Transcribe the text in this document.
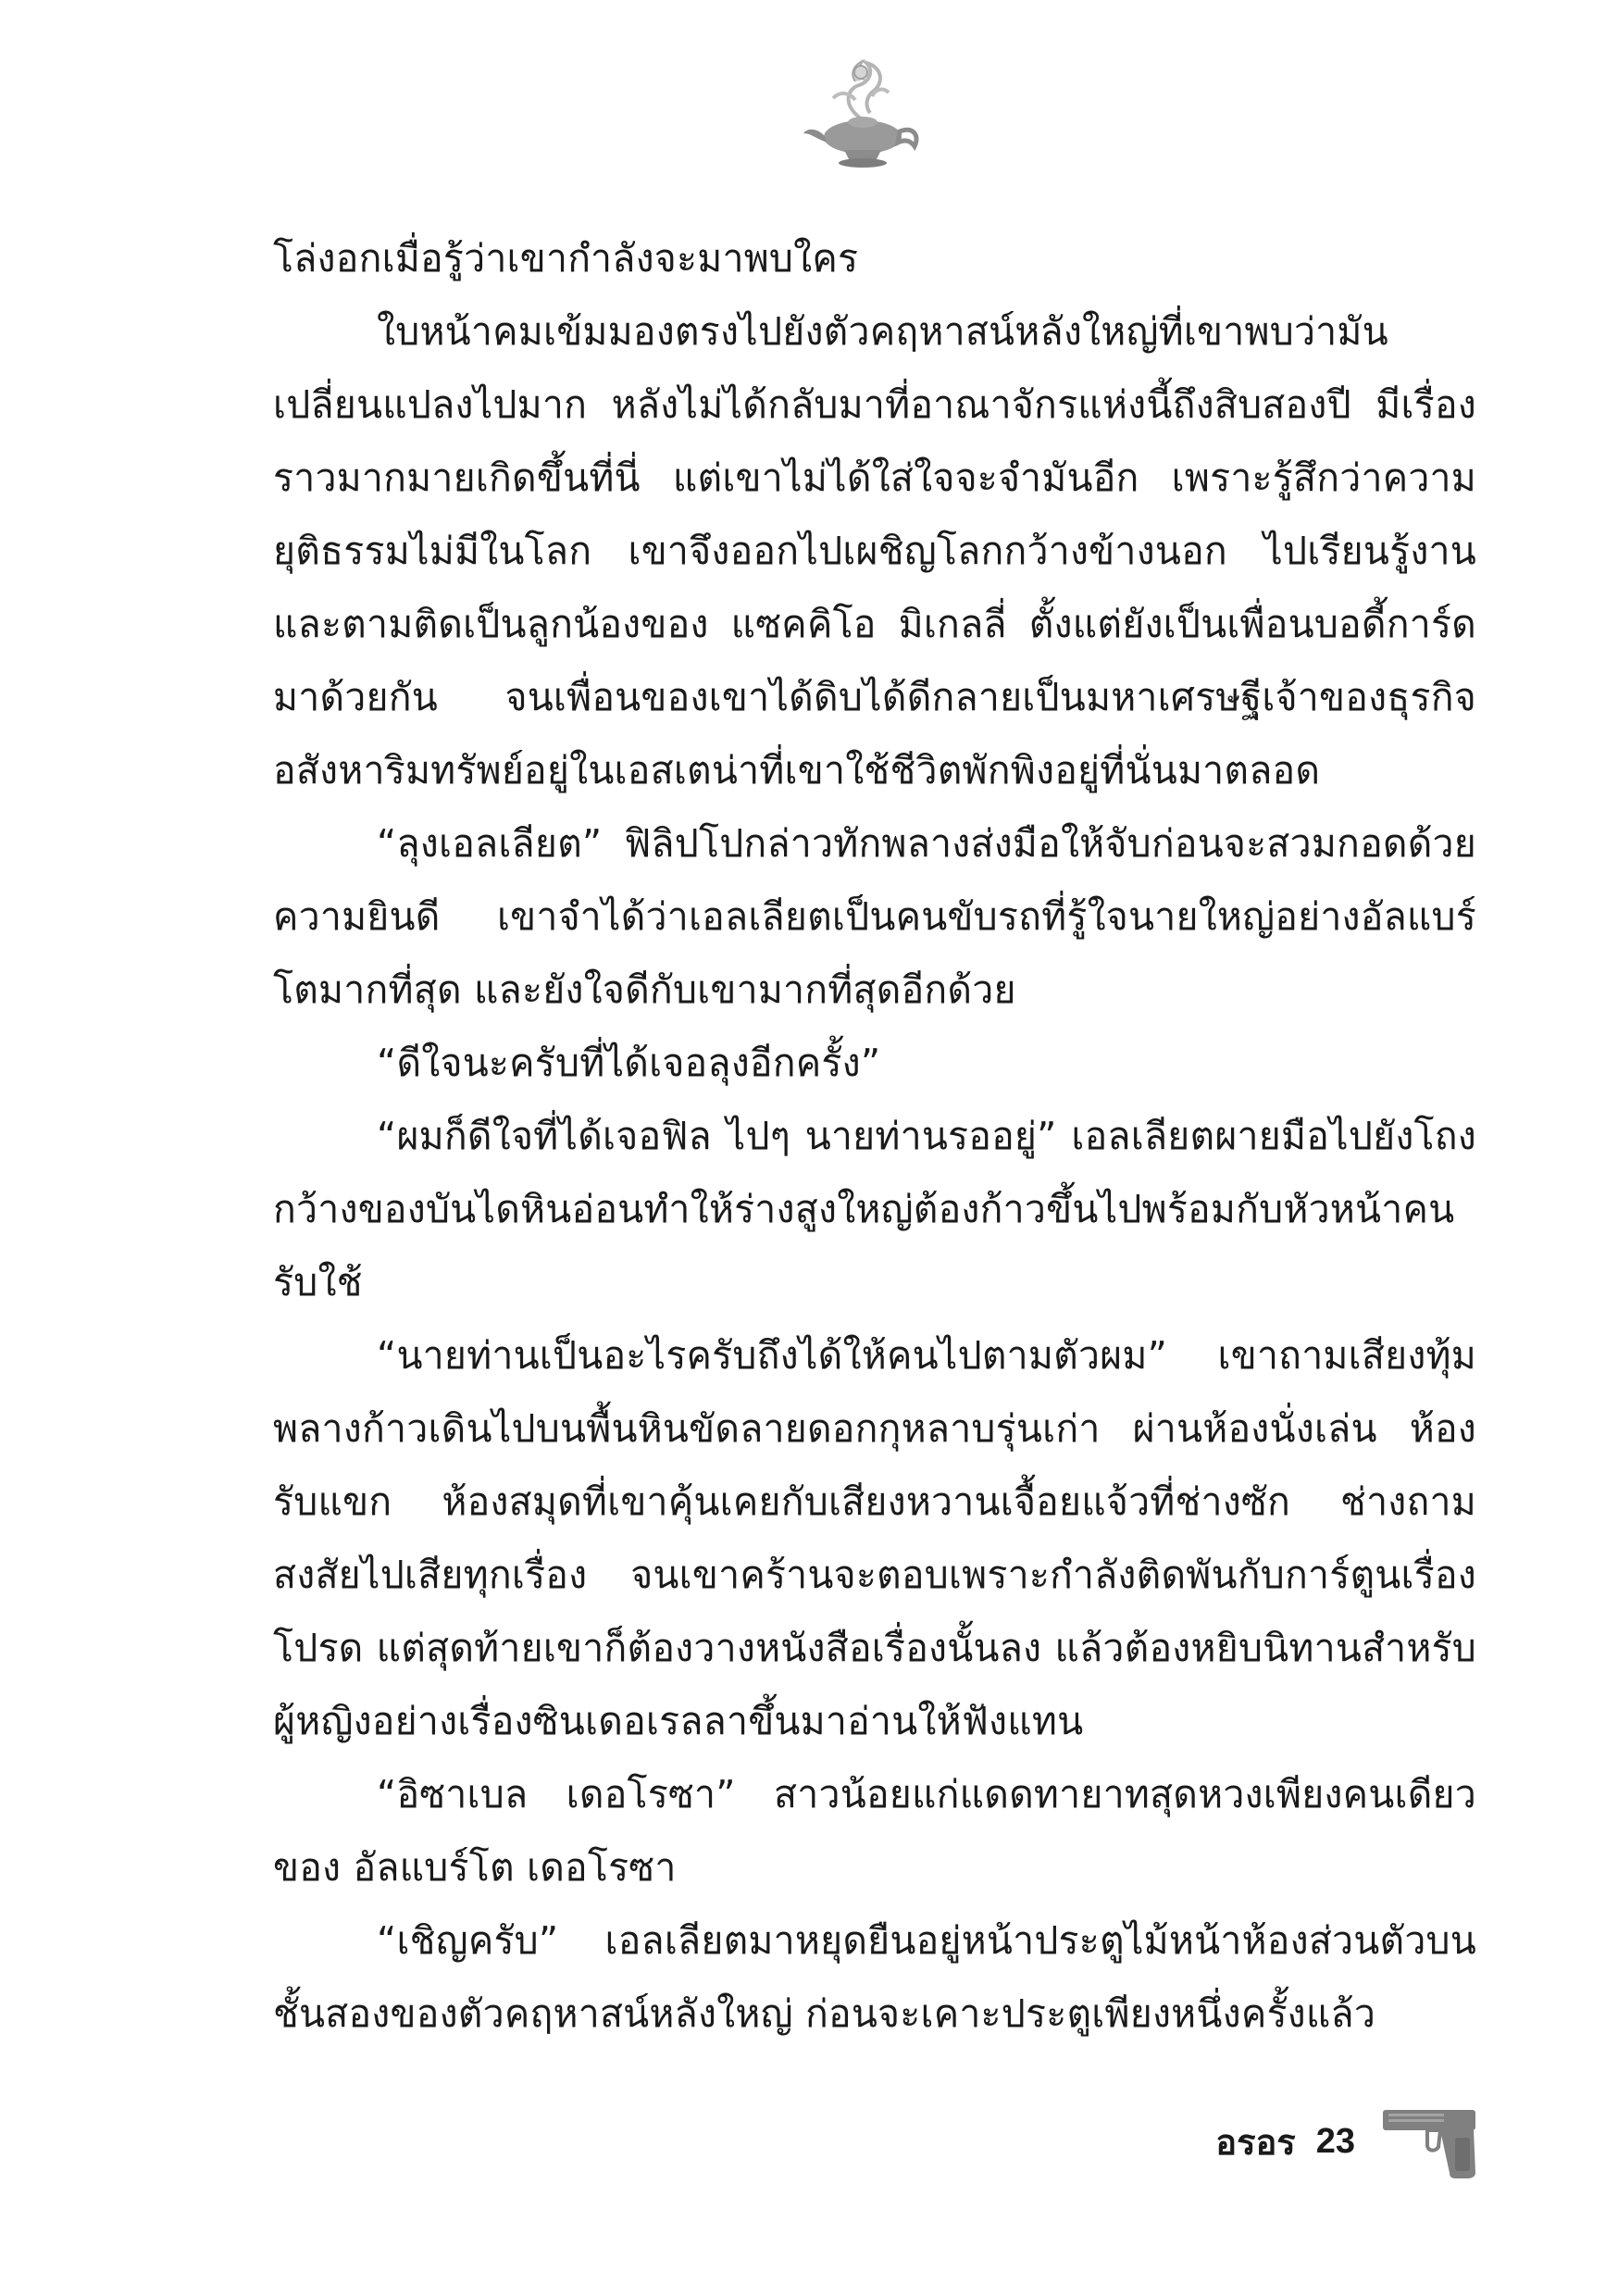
โล่งอกเมื่อรู้ว่าเขากำลังจะมาพบใคร

ใบหน้าคมเข้มมองตรงไปยังตัวคฤหาสน์หลังใหญ่ที่เขาพบว่ามันเปลี่ยนแปลงไปมาก หลังไม่ได้กลับมาที่อาณาจักรแห่งนี้ถึงสิบสองปี มีเรื่องราวมากมายเกิดขึ้นที่นี่ แต่เขาไม่ได้ใส่ใจจะจำมันอีก เพราะรู้สึกว่าความยุติธรรมไม่มีในโลก เขาจึงออกไปเผชิญโลกกว้างข้างนอก ไปเรียนรู้งานและตามติดเป็นลูกน้องของ แซคคิโอ มิเกลลี่ ตั้งแต่ยังเป็นเพื่อนบอดี้การ์ดมาด้วยกัน จนเพื่อนของเขาได้ดิบได้ดีกลายเป็นมหาเศรษฐีเจ้าของธุรกิจอสังหาริมทรัพย์อยู่ในเอสเตน่าที่เขาใช้ชีวิตพักพิงอยู่ที่นั่นมาตลอด

“ลุงเอลเลียต” ฟิลิปโปกล่าวทักพลางส่งมือให้จับก่อนจะสวมกอดด้วยความยินดี เขาจำได้ว่าเอลเลียตเป็นคนขับรถที่รู้ใจนายใหญ่อย่างอัลแบร์โตมากที่สุด และยังใจดีกับเขามากที่สุดอีกด้วย

“ดีใจนะครับที่ได้เจอลุงอีกครั้ง”

“ผมก็ดีใจที่ได้เจอฟิล ไปๆ นายท่านรออยู่” เอลเลียตผายมือไปยังโถงกว้างของบันไดหินอ่อนทำให้ร่างสูงใหญ่ต้องก้าวขึ้นไปพร้อมกับหัวหน้าคนรับใช้

“นายท่านเป็นอะไรครับถึงได้ให้คนไปตามตัวผม” เขาถามเสียงทุ้มพลางก้าวเดินไปบนพื้นหินขัดลายดอกกุหลาบรุ่นเก่า ผ่านห้องนั่งเล่น ห้องรับแขก ห้องสมุดที่เขาคุ้นเคยกับเสียงหวานเจื้อยแจ้วที่ช่างซัก ช่างถามสงสัยไปเสียทุกเรื่อง จนเขาคร้านจะตอบเพราะกำลังติดพันกับการ์ตูนเรื่องโปรด แต่สุดท้ายเขาก็ต้องวางหนังสือเรื่องนั้นลง แล้วต้องหยิบนิทานสำหรับผู้หญิงอย่างเรื่องซินเดอเรลลาขึ้นมาอ่านให้ฟังแทน

“อิซาเบล เดอโรซา” สาวน้อยแก่แดดทายาทสุดหวงเพียงคนเดียวของ อัลแบร์โต เดอโรซา

“เชิญครับ” เอลเลียตมาหยุดยืนอยู่หน้าประตูไม้หน้าห้องส่วนตัวบนชั้นสองของตัวคฤหาสน์หลังใหญ่ ก่อนจะเคาะประตูเพียงหนึ่งครั้งแล้ว

อรอร 23
